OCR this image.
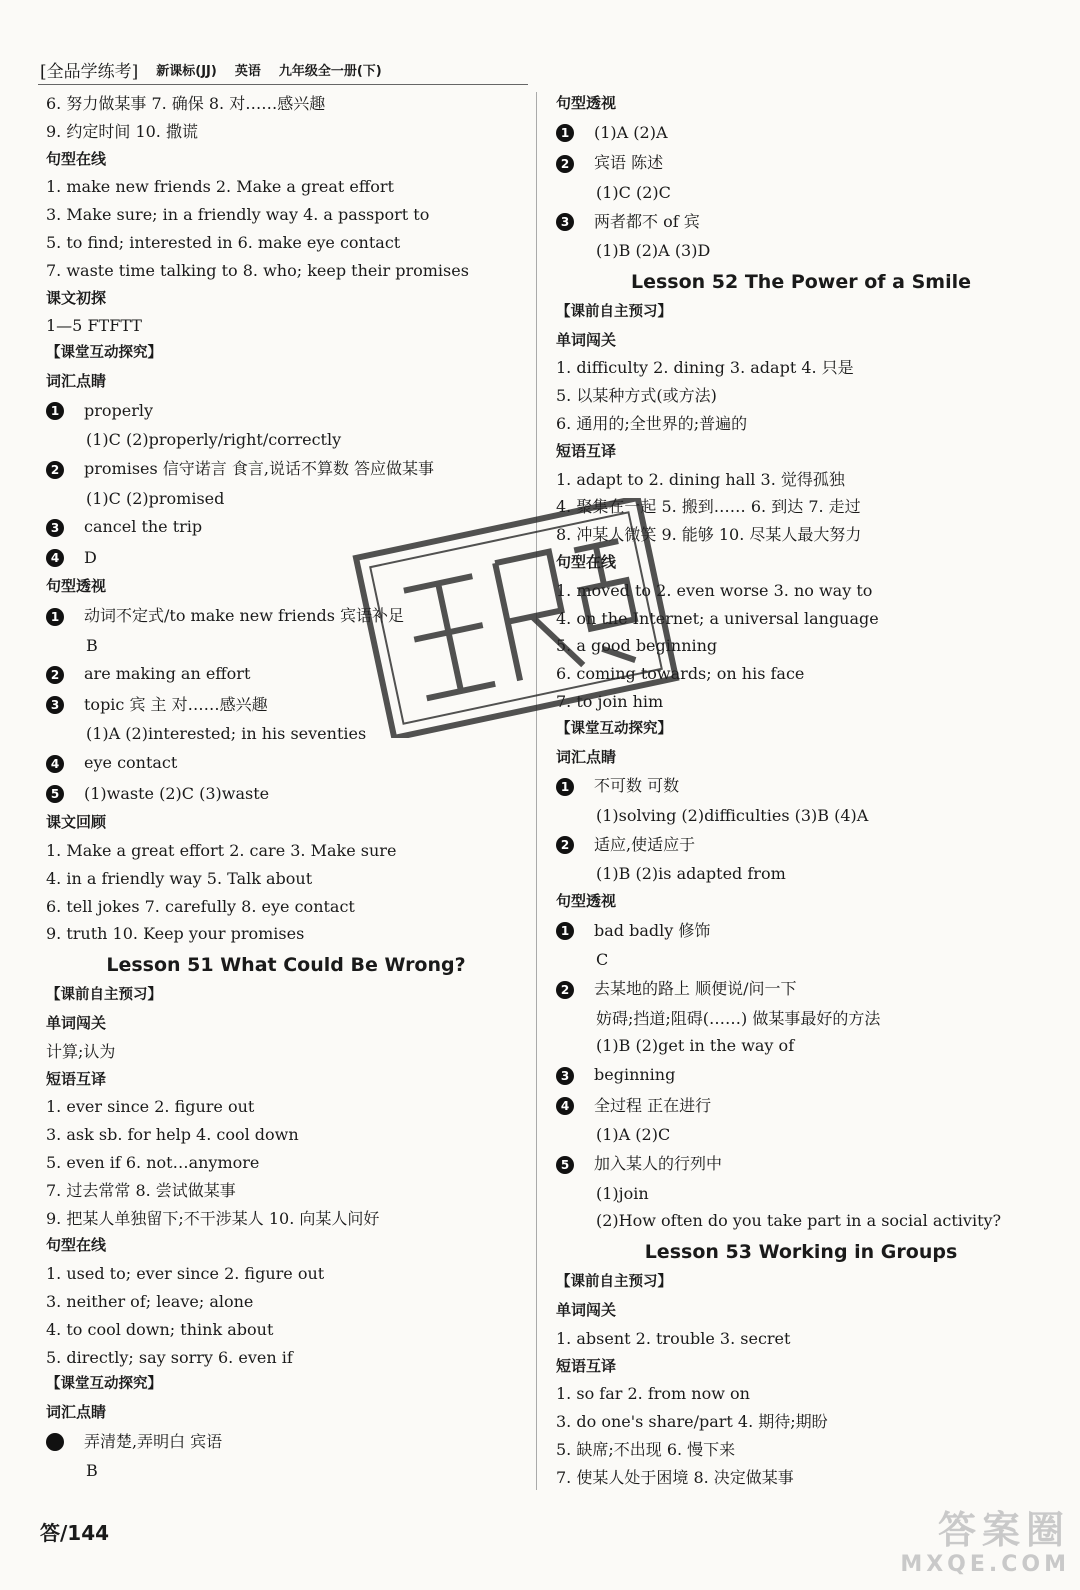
[全品学练考] 新课标(JJ) 英语 九年级全一册(下)
6. 努力做某事 7. 确保 8. 对……感兴趣
9. 约定时间 10. 撒谎
句型在线
1. make new friends 2. Make a great effort
3. Make sure; in a friendly way 4. a passport to
5. to find; interested in 6. make eye contact
7. waste time talking to 8. who; keep their promises
课文初探
1—5 FTFTT
【课堂互动探究】
词汇点睛
1 properly
(1)C (2)properly/right/correctly
2 promises 信守诺言 食言,说话不算数 答应做某事
(1)C (2)promised
3 cancel the trip
4 D
句型透视
1 动词不定式/to make new friends 宾语补足
B
2 are making an effort
3 topic 宾 主 对……感兴趣
(1)A (2)interested; in his seventies
4 eye contact
5 (1)waste (2)C (3)waste
课文回顾
1. Make a great effort 2. care 3. Make sure
4. in a friendly way 5. Talk about
6. tell jokes 7. carefully 8. eye contact
9. truth 10. Keep your promises
Lesson 51 What Could Be Wrong?
【课前自主预习】
单词闯关
计算;认为
短语互译
1. ever since 2. figure out
3. ask sb. for help 4. cool down
5. even if 6. not…anymore
7. 过去常常 8. 尝试做某事
9. 把某人单独留下;不干涉某人 10. 向某人问好
句型在线
1. used to; ever since 2. figure out
3. neither of; leave; alone
4. to cool down; think about
5. directly; say sorry 6. even if
【课堂互动探究】
词汇点睛
弄清楚,弄明白 宾语
B
句型透视
1 (1)A (2)A
2 宾语 陈述
(1)C (2)C
3 两者都不 of 宾
(1)B (2)A (3)D
Lesson 52 The Power of a Smile
【课前自主预习】
单词闯关
1. difficulty 2. dining 3. adapt 4. 只是
5. 以某种方式(或方法)
6. 通用的;全世界的;普遍的
短语互译
1. adapt to 2. dining hall 3. 觉得孤独
4. 聚集在一起 5. 搬到…… 6. 到达 7. 走过
8. 冲某人微笑 9. 能够 10. 尽某人最大努力
句型在线
1. moved to 2. even worse 3. no way to
4. on the Internet; a universal language
5. a good beginning
6. coming towards; on his face
7. to join him
【课堂互动探究】
词汇点睛
1 不可数 可数
(1)solving (2)difficulties (3)B (4)A
2 适应,使适应于
(1)B (2)is adapted from
句型透视
1 bad badly 修饰
C
2 去某地的路上 顺便说/问一下
妨碍;挡道;阻碍(……) 做某事最好的方法
(1)B (2)get in the way of
3 beginning
4 全过程 正在进行
(1)A (2)C
5 加入某人的行列中
(1)join
(2)How often do you take part in a social activity?
Lesson 53 Working in Groups
【课前自主预习】
单词闯关
1. absent 2. trouble 3. secret
短语互译
1. so far 2. from now on
3. do one's share/part 4. 期待;期盼
5. 缺席;不出现 6. 慢下来
7. 使某人处于困境 8. 决定做某事
答/144	答案圈
MXQE.COM
